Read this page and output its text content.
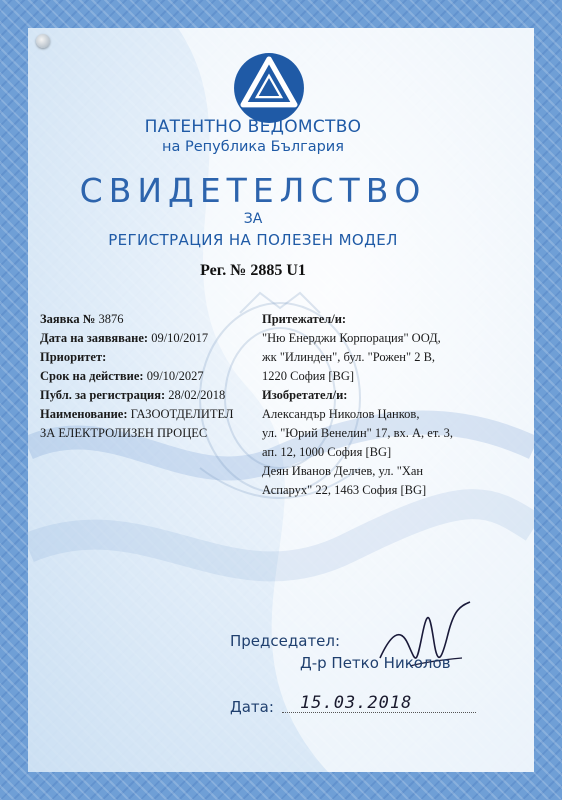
ПАТЕНТНО ВЕДОМСТВО
на Република България
СВИДЕТЕЛСТВО
ЗА
РЕГИСТРАЦИЯ НА ПОЛЕЗЕН МОДЕЛ
Рег. № 2885 U1
Заявка № 3876
Дата на заявяване: 09/10/2017
Приоритет:
Срок на действие: 09/10/2027
Публ. за регистрация: 28/02/2018
Наименование: ГАЗООТДЕЛИТЕЛ
ЗА ЕЛЕКТРОЛИЗЕН ПРОЦЕС
Притежател/и:
"Ню Енерджи Корпорация" ООД,
жк "Илинден", бул. "Рожен" 2 В,
1220 София [BG]
Изобретател/и:
Александър Николов Цанков,
ул. "Юрий Венелин" 17, вх. А, ет. 3,
ап. 12, 1000 София [BG]
Деян Иванов Делчев, ул. "Хан
Аспарух" 22, 1463 София [BG]
Председател:
Д-р Петко Николов
Дата: 15.03.2018
